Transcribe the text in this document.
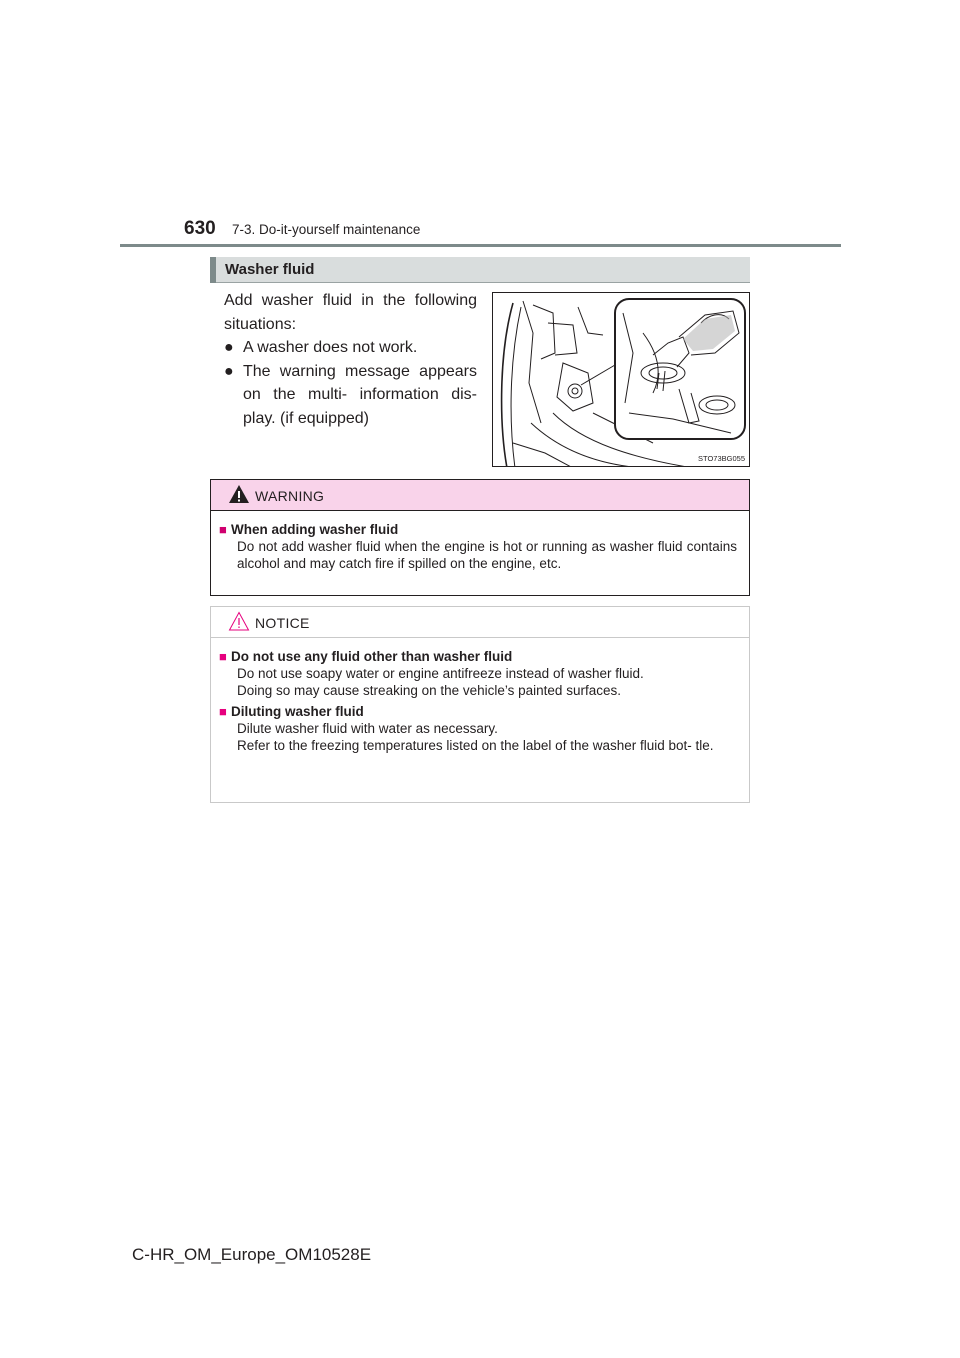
630 7-3. Do-it-yourself maintenance
Washer fluid

Add washer fluid in the following situations:

● A washer does not work.
● The warning message appears on the multi- information dis- play. (if equipped)
STO73BG055
WARNING
■ When adding washer fluid
Do not add washer fluid when the engine is hot or running as washer fluid contains alcohol and may catch fire if spilled on the engine, etc.
NOTICE
■ Do not use any fluid other than washer fluid
Do not use soapy water or engine antifreeze instead of washer fluid.
Doing so may cause streaking on the vehicle’s painted surfaces.
■ Diluting washer fluid
Dilute washer fluid with water as necessary.
Refer to the freezing temperatures listed on the label of the washer fluid bot- tle.
C-HR_OM_Europe_OM10528E
